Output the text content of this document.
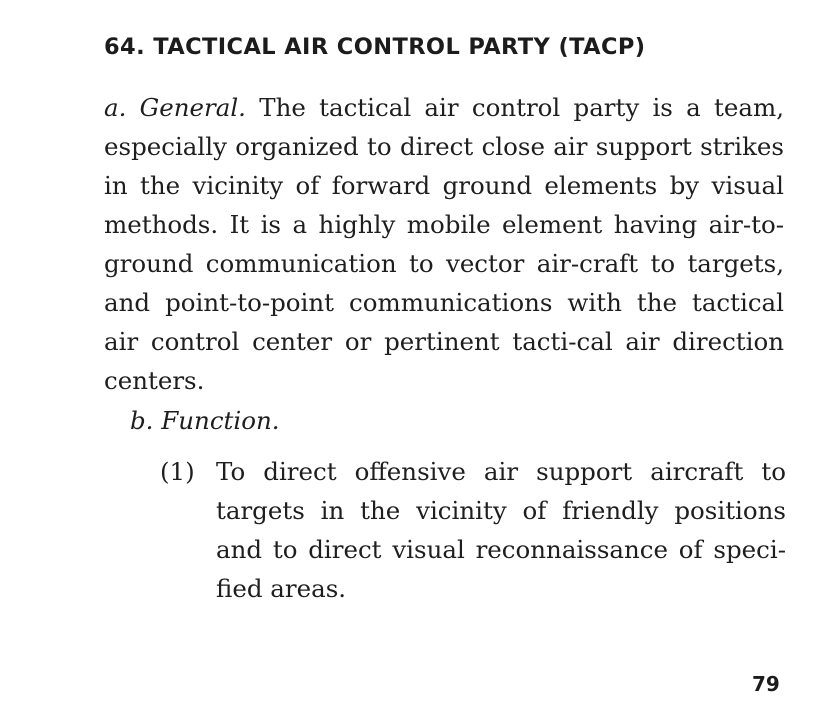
64. TACTICAL AIR CONTROL PARTY (TACP)

a. General. The tactical air control party is a team, especially organized to direct close air support strikes in the vicinity of forward ground elements by visual methods. It is a highly mobile element having air-to-ground communication to vector air-craft to targets, and point-to-point communications with the tactical air control center or pertinent tacti-cal air direction centers.

b. Function.

(1) To direct offensive air support aircraft to targets in the vicinity of friendly positions and to direct visual reconnaissance of speci-fied areas.

79
